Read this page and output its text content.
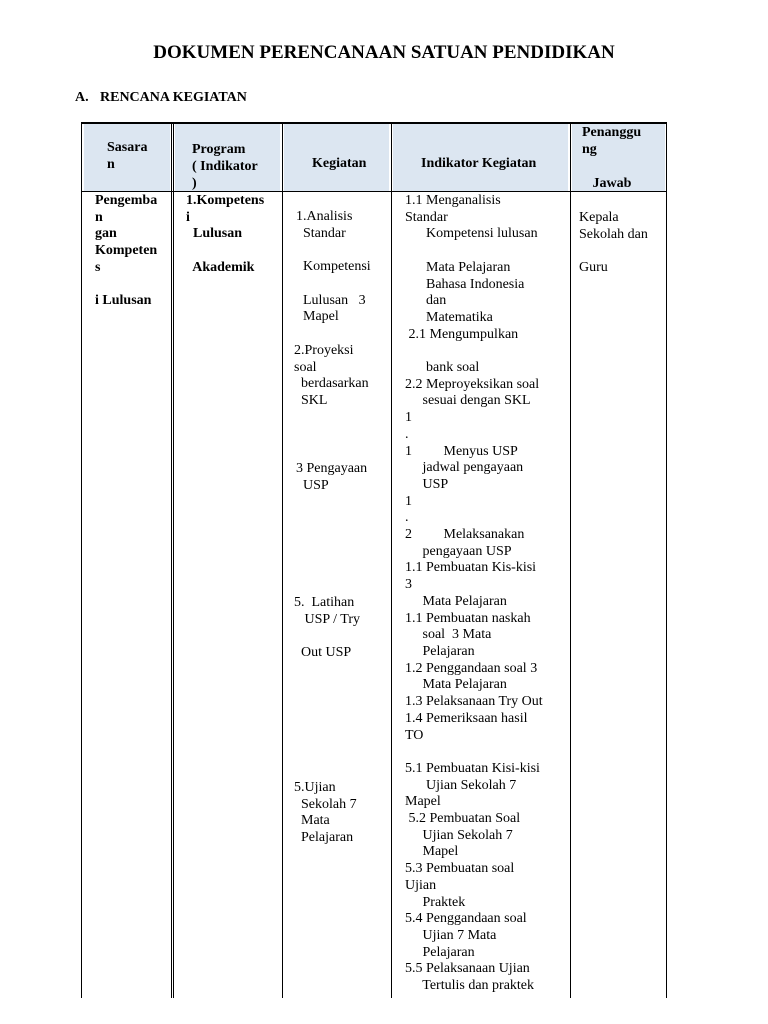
DOKUMEN PERENCANAAN SATUAN PENDIDIKAN
A. RENCANA KEGIATAN
Sasara
n
Program
( Indikator
)
Kegiatan	Indikator Kegiatan
Penanggu
ng

Jawab
Pengemba
n
gan
Kompeten
s

i Lulusan
1.Kompetens
i
Lulusan

Akademik
1.Analisis
Standar

Kompetensi

Lulusan   3
Mapel
2.Proyeksi
soal
berdasarkan
SKL
3 Pengayaan
USP
5.  Latihan
USP / Try

Out USP
5.Ujian
Sekolah 7
Mata
Pelajaran
1.1 Menganalisis
Standar
Kompetensi lulusan

Mata Pelajaran
Bahasa Indonesia
dan
Matematika
2.1 Mengumpulkan

bank soal
2.2 Meproyeksikan soal
sesuai dengan SKL
1
.
1         Menyus USP
jadwal pengayaan
USP
1
.
2         Melaksanakan
pengayaan USP
1.1 Pembuatan Kis-kisi
3
Mata Pelajaran
1.1 Pembuatan naskah
soal  3 Mata
Pelajaran
1.2 Penggandaan soal 3
Mata Pelajaran
1.3 Pelaksanaan Try Out
1.4 Pemeriksaan hasil
TO

5.1 Pembuatan Kisi-kisi
Ujian Sekolah 7
Mapel
5.2 Pembuatan Soal
Ujian Sekolah 7
Mapel
5.3 Pembuatan soal
Ujian
Praktek
5.4 Penggandaan soal
Ujian 7 Mata
Pelajaran
5.5 Pelaksanaan Ujian
Tertulis dan praktek
Kepala
Sekolah dan

Guru
